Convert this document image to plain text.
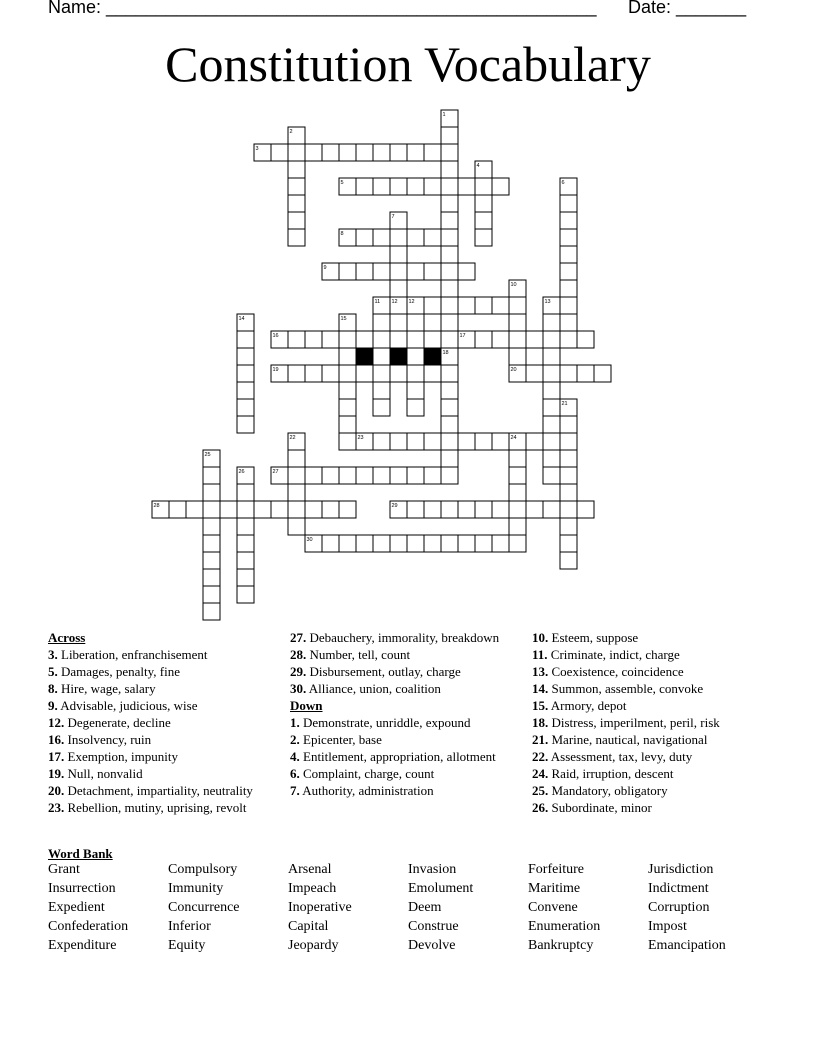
Name: _________________________________________________ Date: _______
Constitution Vocabulary
3
5
8
9
12
16	17
19	20
23
27
28	29
30
1
2
4
6
7
10
11	12	13
14	15
18
21
22	24
25
26
Across
3. Liberation, enfranchisement
5. Damages, penalty, fine
8. Hire, wage, salary
9. Advisable, judicious, wise
12. Degenerate, decline
16. Insolvency, ruin
17. Exemption, impunity
19. Null, nonvalid
20. Detachment, impartiality, neutrality
23. Rebellion, mutiny, uprising, revolt
27. Debauchery, immorality, breakdown
28. Number, tell, count
29. Disbursement, outlay, charge
30. Alliance, union, coalition
Down
1. Demonstrate, unriddle, expound
2. Epicenter, base
4. Entitlement, appropriation, allotment
6. Complaint, charge, count
7. Authority, administration
10. Esteem, suppose
11. Criminate, indict, charge
13. Coexistence, coincidence
14. Summon, assemble, convoke
15. Armory, depot
18. Distress, imperilment, peril, risk
21. Marine, nautical, navigational
22. Assessment, tax, levy, duty
24. Raid, irruption, descent
25. Mandatory, obligatory
26. Subordinate, minor
Word Bank
Grant	Compulsory	Arsenal	Invasion	Forfeiture	Jurisdiction
Insurrection	Immunity	Impeach	Emolument	Maritime	Indictment
Expedient	Concurrence	Inoperative	Deem	Convene	Corruption
Confederation	Inferior	Capital	Construe	Enumeration	Impost
Expenditure	Equity	Jeopardy	Devolve	Bankruptcy	Emancipation
